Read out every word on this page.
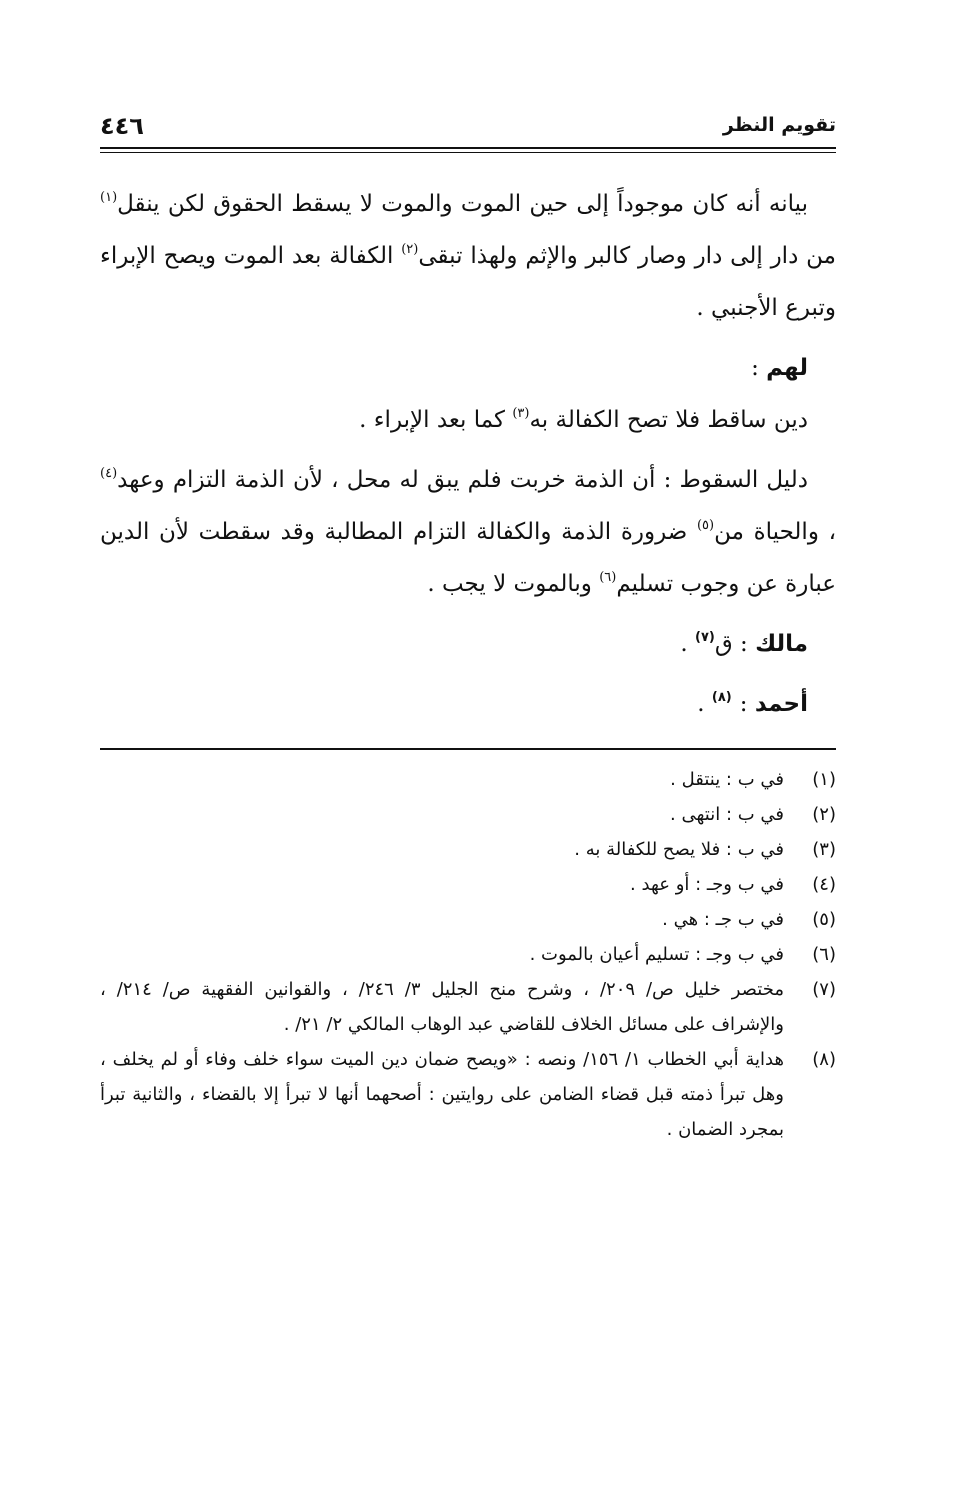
٤٤٦	تقويم النظر

بيانه أنه كان موجوداً إلى حين الموت والموت لا يسقط الحقوق لكن ينقل$^{(١)}$ من دار إلى دار وصار كالبر والإثم ولهذا تبقى$^{(٢)}$ الكفالة بعد الموت ويصح الإبراء وتبرع الأجنبي .

لهم :

دين ساقط فلا تصح الكفالة به$^{(٣)}$ كما بعد الإبراء .

دليل السقوط : أن الذمة خربت فلم يبق له محل ، لأن الذمة التزام وعهد$^{(٤)}$ ، والحياة من$^{(٥)}$ ضرورة الذمة والكفالة التزام المطالبة وقد سقطت لأن الدين عبارة عن وجوب تسليم$^{(٦)}$ وبالموت لا يجب .

مالك : ق$^{(٧)}$ .

أحمد : $^{(٨)}$ .

(١)
في ب : ينتقل .
(٢)
في ب : انتهى .
(٣)
في ب : فلا يصح للكفالة به .
(٤)
في ب وجـ : أو عهد .
(٥)
في ب جـ : هي .
(٦)
في ب وجـ : تسليم أعيان بالموت .
(٧)
مختصر خليل ص/ ٢٠٩/ ، وشرح منح الجليل ٣/ ٢٤٦/ ، والقوانين الفقهية ص/ ٢١٤/ ، والإشراف على مسائل الخلاف للقاضي عبد الوهاب المالكي ٢/ ٢١/ .
(٨)
هداية أبي الخطاب ١/ ١٥٦/ ونصه : «ويصح ضمان دين الميت سواء خلف وفاء أو لم يخلف ، وهل تبرأ ذمته قبل قضاء الضامن على روايتين : أصحهما أنها لا تبرأ إلا بالقضاء ، والثانية تبرأ بمجرد الضمان .
